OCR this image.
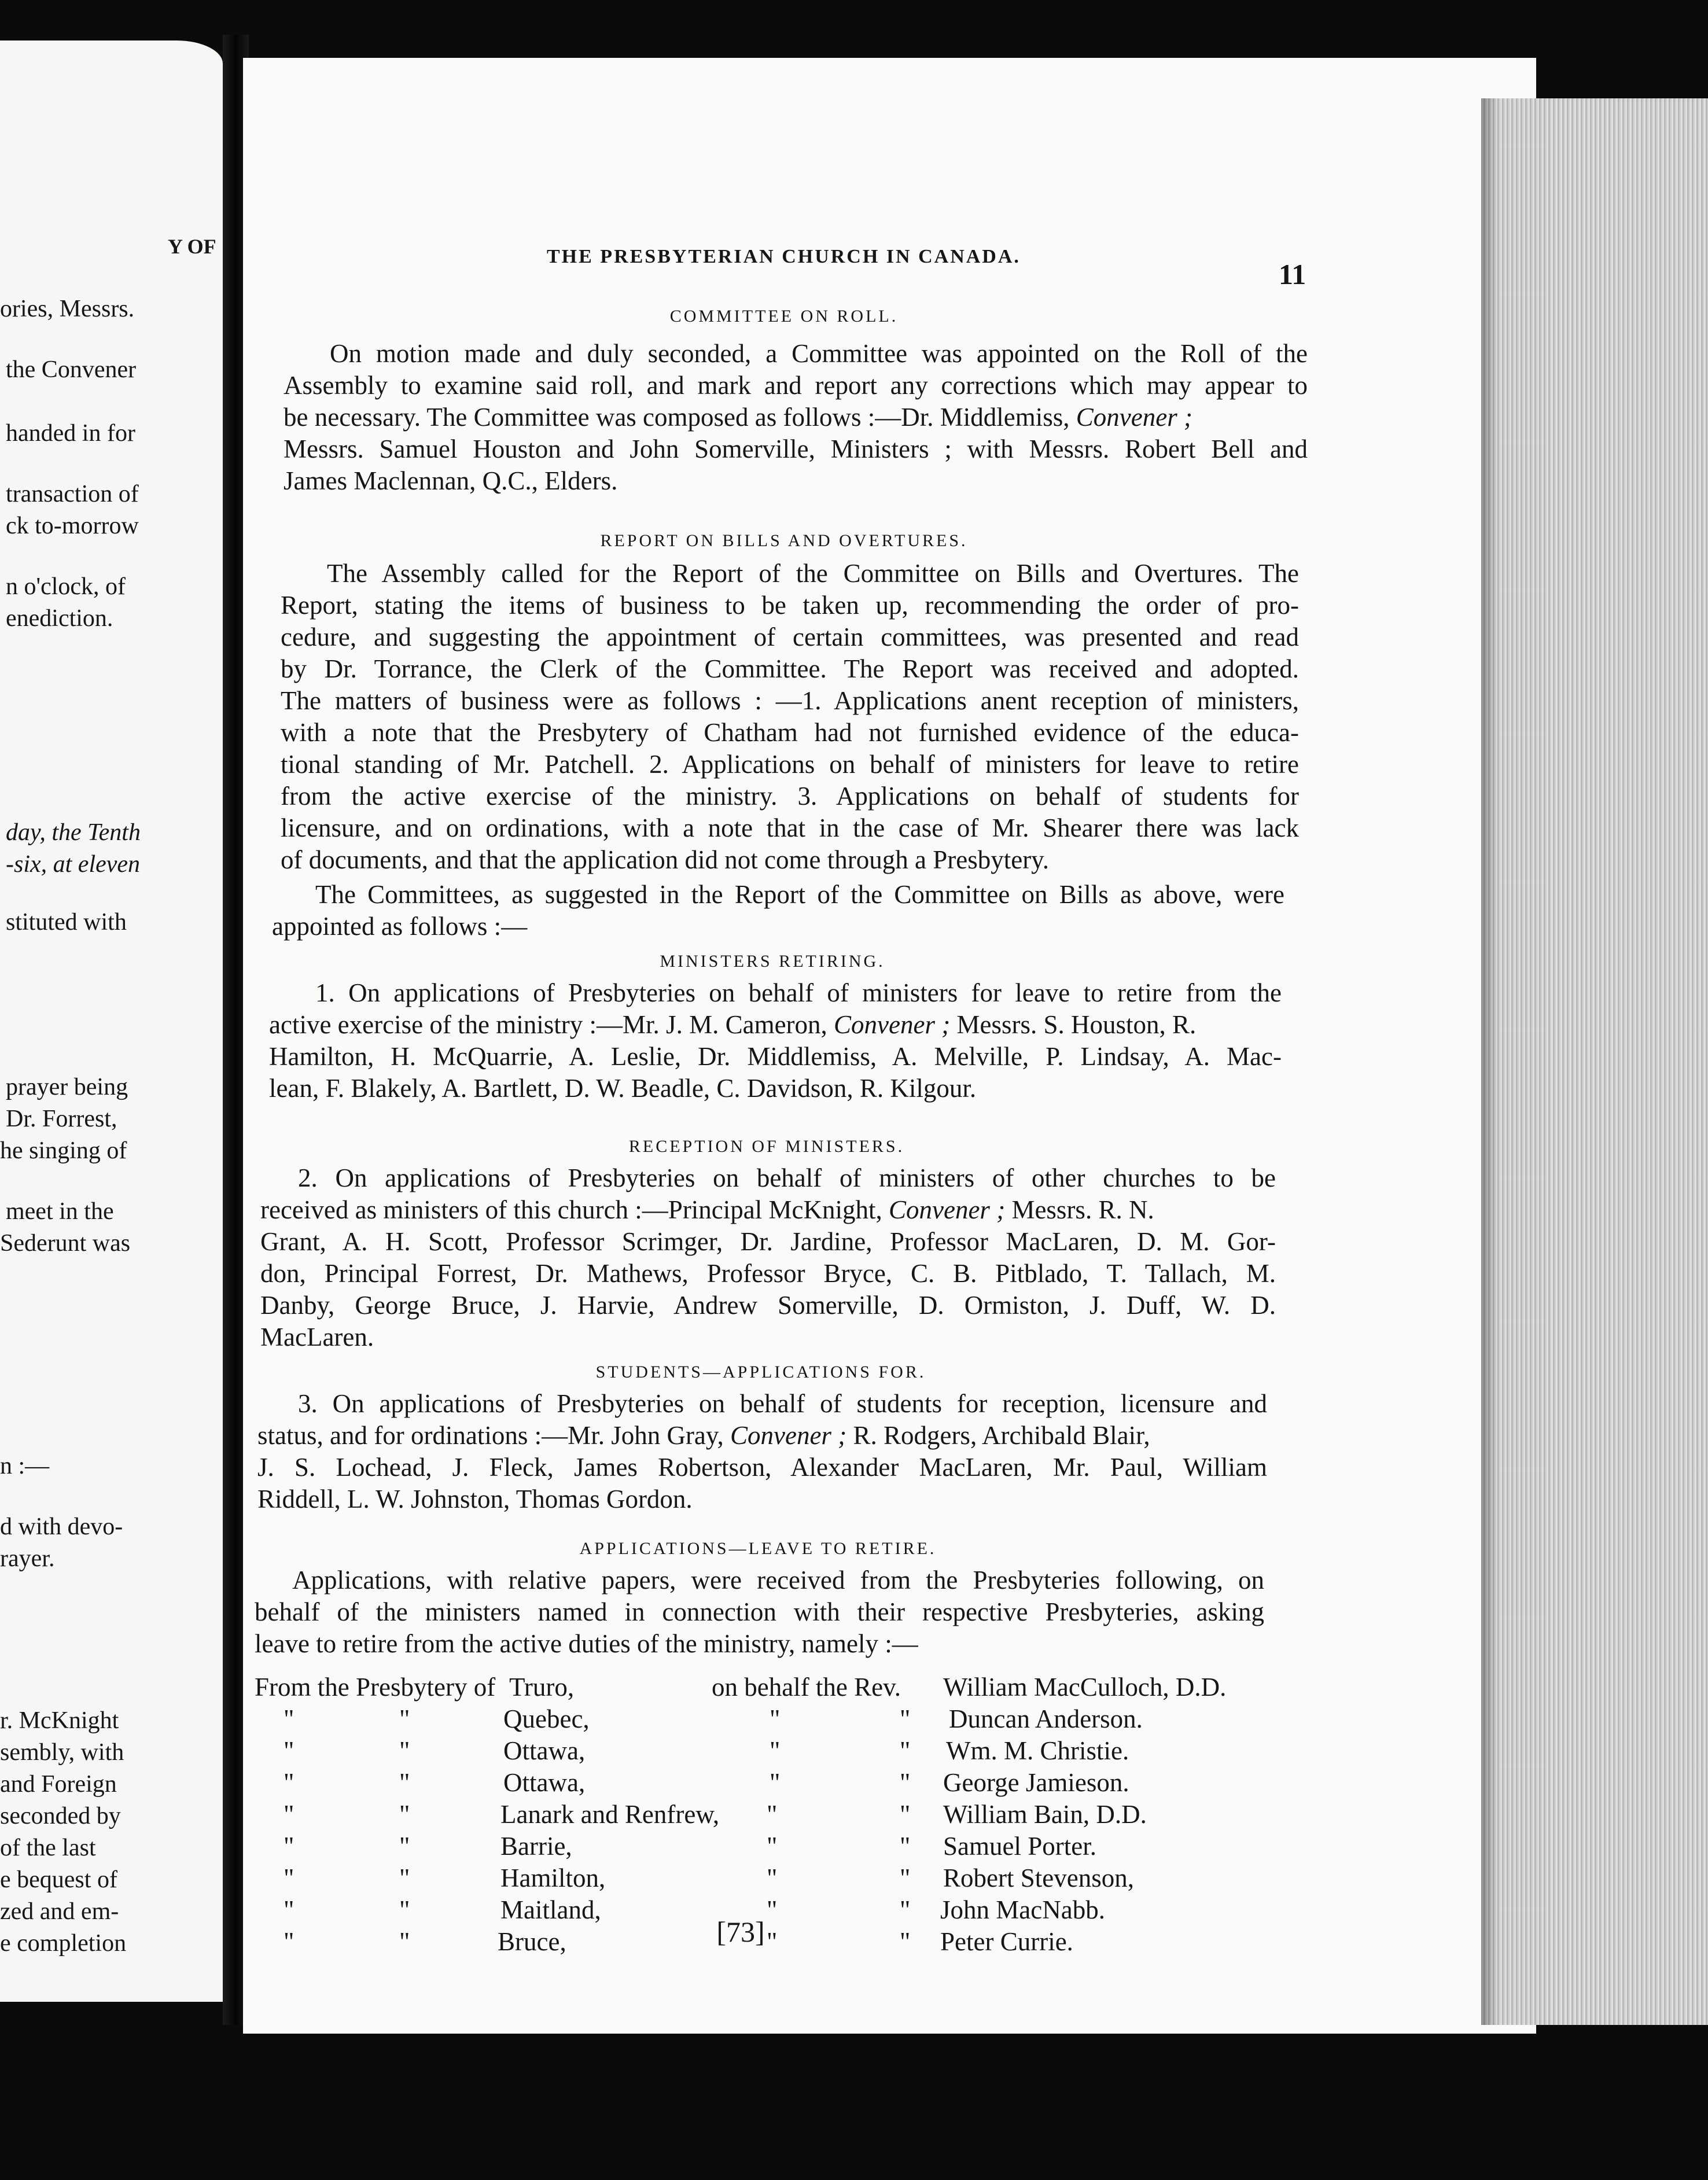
Y OF
ories, Messrs.
the Convener
handed in for
transaction of
ck to-morrow
n o'clock, of
enediction.
day, the Tenth
-six, at eleven
stituted with
prayer being
Dr. Forrest,
he singing of
meet in the
Sederunt was
n :—
d with devo-
rayer.
r. McKnight
sembly, with
and Foreign
seconded by
of the last
e bequest of
zed and em-
e completion
THE PRESBYTERIAN CHURCH IN CANADA.
11
COMMITTEE ON ROLL.
On motion made and duly seconded, a Committee was appointed on the Roll of the
Assembly to examine said roll, and mark and report any corrections which may appear to
be necessary. The Committee was composed as follows :—Dr. Middlemiss, Convener ;
Messrs. Samuel Houston and John Somerville, Ministers ; with Messrs. Robert Bell and
James Maclennan, Q.C., Elders.
REPORT ON BILLS AND OVERTURES.
The Assembly called for the Report of the Committee on Bills and Overtures. The
Report, stating the items of business to be taken up, recommending the order of pro-
cedure, and suggesting the appointment of certain committees, was presented and read
by Dr. Torrance, the Clerk of the Committee. The Report was received and adopted.
The matters of business were as follows : —1. Applications anent reception of ministers,
with a note that the Presbytery of Chatham had not furnished evidence of the educa-
tional standing of Mr. Patchell. 2. Applications on behalf of ministers for leave to retire
from the active exercise of the ministry. 3. Applications on behalf of students for
licensure, and on ordinations, with a note that in the case of Mr. Shearer there was lack
of documents, and that the application did not come through a Presbytery.
The Committees, as suggested in the Report of the Committee on Bills as above, were
appointed as follows :—
MINISTERS RETIRING.
1. On applications of Presbyteries on behalf of ministers for leave to retire from the
active exercise of the ministry :—Mr. J. M. Cameron, Convener ; Messrs. S. Houston, R.
Hamilton, H. McQuarrie, A. Leslie, Dr. Middlemiss, A. Melville, P. Lindsay, A. Mac-
lean, F. Blakely, A. Bartlett, D. W. Beadle, C. Davidson, R. Kilgour.
RECEPTION OF MINISTERS.
2. On applications of Presbyteries on behalf of ministers of other churches to be
received as ministers of this church :—Principal McKnight, Convener ; Messrs. R. N.
Grant, A. H. Scott, Professor Scrimger, Dr. Jardine, Professor MacLaren, D. M. Gor-
don, Principal Forrest, Dr. Mathews, Professor Bryce, C. B. Pitblado, T. Tallach, M.
Danby, George Bruce, J. Harvie, Andrew Somerville, D. Ormiston, J. Duff, W. D.
MacLaren.
STUDENTS—APPLICATIONS FOR.
3. On applications of Presbyteries on behalf of students for reception, licensure and
status, and for ordinations :—Mr. John Gray, Convener ; R. Rodgers, Archibald Blair,
J. S. Lochead, J. Fleck, James Robertson, Alexander MacLaren, Mr. Paul, William
Riddell, L. W. Johnston, Thomas Gordon.
APPLICATIONS—LEAVE TO RETIRE.
Applications, with relative papers, were received from the Presbyteries following, on
behalf of the ministers named in connection with their respective Presbyteries, asking
leave to retire from the active duties of the ministry, namely :—
From the Presbytery of Truro,	on behalf the Rev. William MacCulloch, D.D.
"	"	Quebec,	"	" Duncan Anderson.
"	"	Ottawa,	"	" Wm. M. Christie.
"	"	Ottawa,	"	" George Jamieson.
"	"	Lanark and Renfrew, "	" William Bain, D.D.
"	"	Barrie,	"	" Samuel Porter.
"	"	Hamilton,	"	" Robert Stevenson,
"	"	Maitland,	"	" John MacNabb.
"	"	Bruce,	"	" Peter Currie.
[73]
